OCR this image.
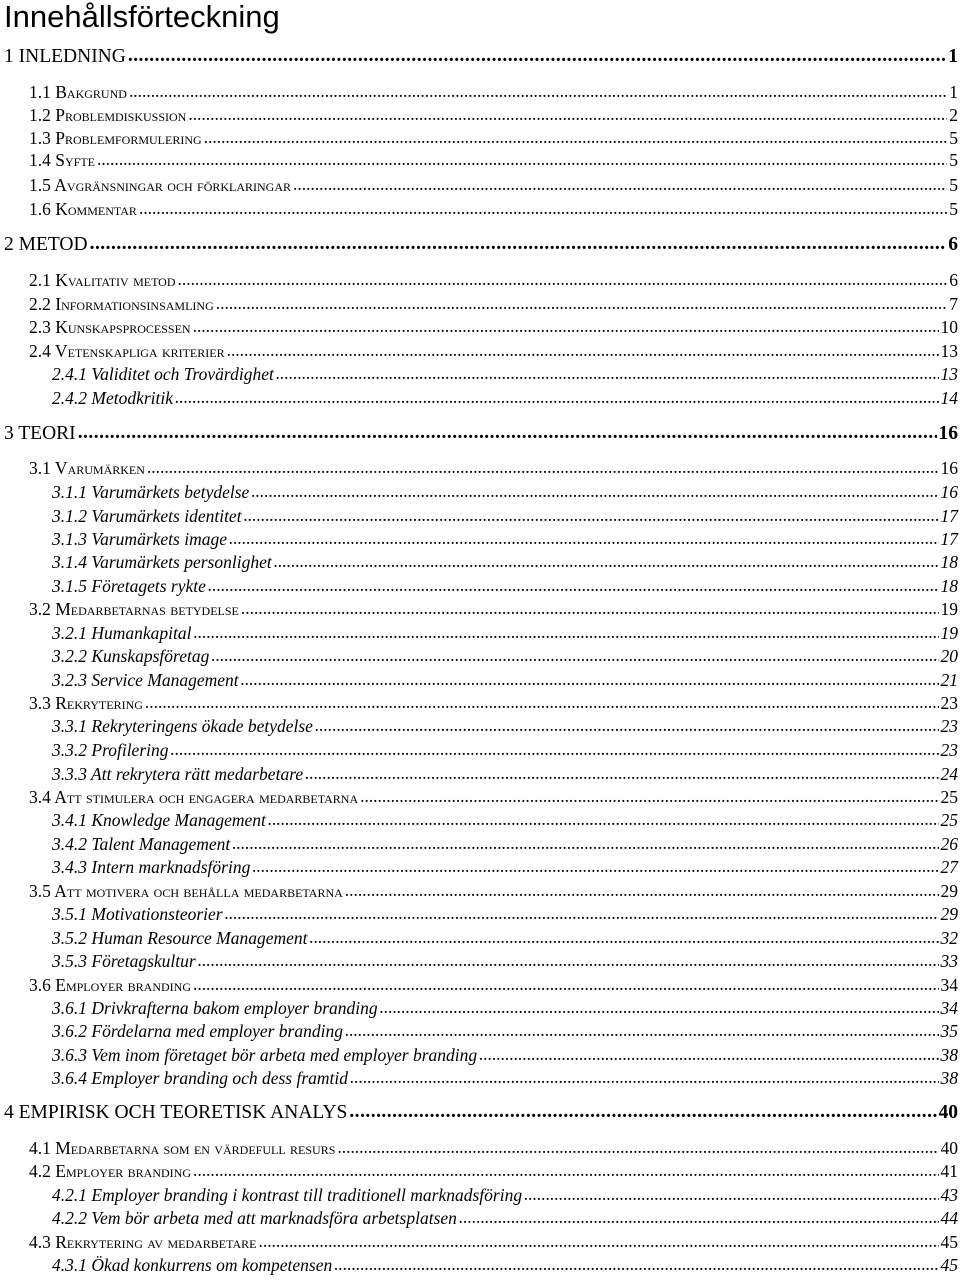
Innehållsförteckning
1 INLEDNING . . .	1
1.1 Bakgrund . . .	1
1.2 Problemdiskussion . . .	2
1.3 Problemformulering . . .	5
1.4 Syfte . . .	5
1.5 Avgränsningar och förklaringar . . .	5
1.6 Kommentar . . .	5
2 METOD . . .	6
2.1 Kvalitativ metod . . .	6
2.2 Informationsinsamling . . .	7
2.3 Kunskapsprocessen . . .	10
2.4 Vetenskapliga kriterier . . .	13
2.4.1 Validitet och Trovärdighet . . .	13
2.4.2 Metodkritik . . .	14
3 TEORI . . .	16
3.1 Varumärken . . .	16
3.1.1 Varumärkets betydelse . . .	16
3.1.2 Varumärkets identitet . . .	17
3.1.3 Varumärkets image . . .	17
3.1.4 Varumärkets personlighet . . .	18
3.1.5 Företagets rykte . . .	18
3.2 Medarbetarnas betydelse . . .	19
3.2.1 Humankapital . . .	19
3.2.2 Kunskapsföretag . . .	20
3.2.3 Service Management . . .	21
3.3 Rekrytering . . .	23
3.3.1 Rekryteringens ökade betydelse . . .	23
3.3.2 Profilering . . .	23
3.3.3 Att rekrytera rätt medarbetare . . .	24
3.4 Att stimulera och engagera medarbetarna . . .	25
3.4.1 Knowledge Management . . .	25
3.4.2 Talent Management . . .	26
3.4.3 Intern marknadsföring . . .	27
3.5 Att motivera och behålla medarbetarna . . .	29
3.5.1 Motivationsteorier . . .	29
3.5.2 Human Resource Management . . .	32
3.5.3 Företagskultur . . .	33
3.6 Employer branding . . .	34
3.6.1 Drivkrafterna bakom employer branding . . .	34
3.6.2 Fördelarna med employer branding . . .	35
3.6.3 Vem inom företaget bör arbeta med employer branding . . .	38
3.6.4 Employer branding och dess framtid . . .	38
4 EMPIRISK OCH TEORETISK ANALYS . . .	40
4.1 Medarbetarna som en värdefull resurs . . .	40
4.2 Employer branding . . .	41
4.2.1 Employer branding i kontrast till traditionell marknadsföring . . .	43
4.2.2 Vem bör arbeta med att marknadsföra arbetsplatsen . . .	44
4.3 Rekrytering av medarbetare . . .	45
4.3.1 Ökad konkurrens om kompetensen . . .	45
